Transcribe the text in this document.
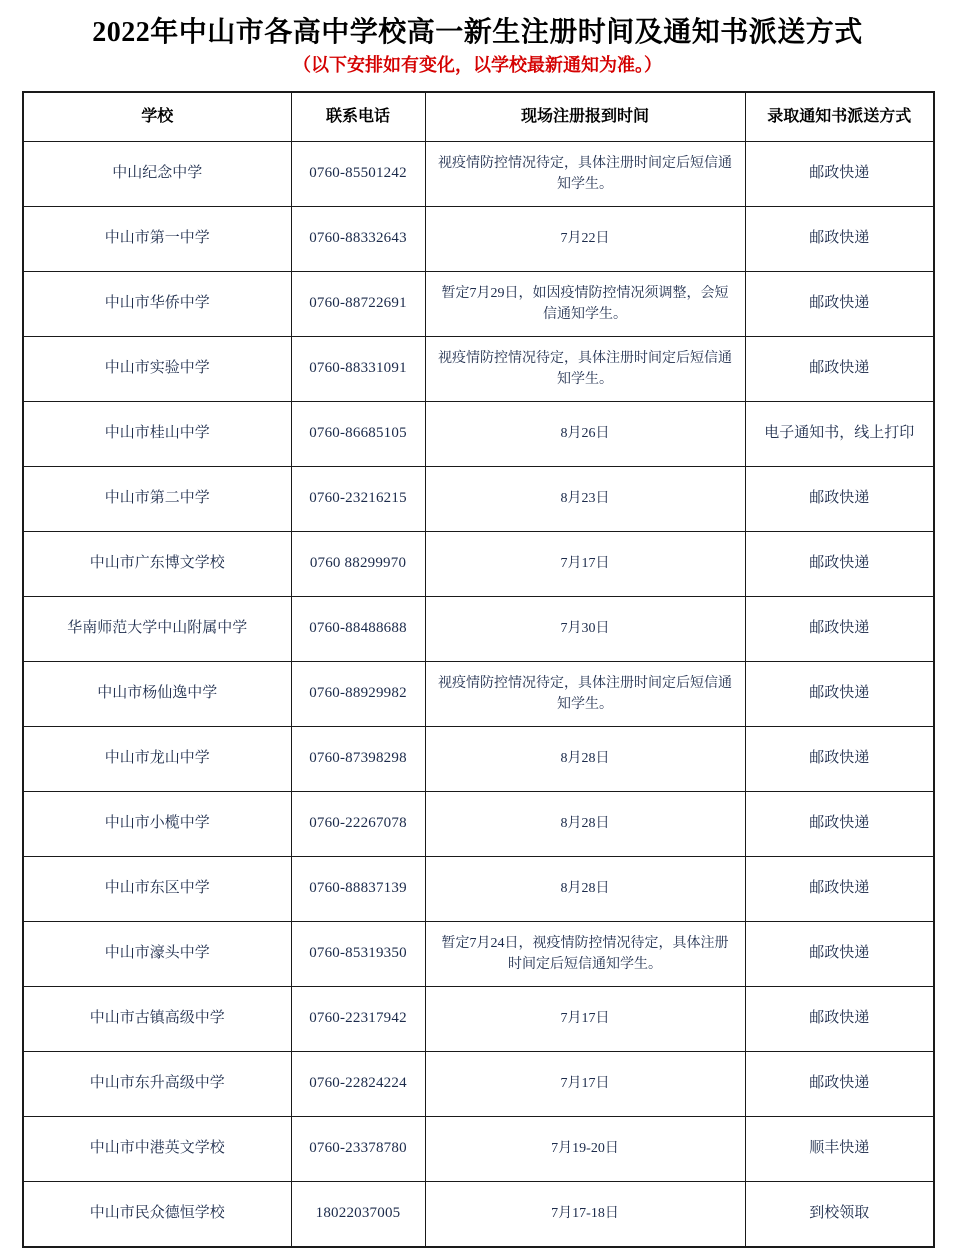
2022年中山市各高中学校高一新生注册时间及通知书派送方式
（以下安排如有变化，以学校最新通知为准。）
学校	联系电话	现场注册报到时间	录取通知书派送方式
中山纪念中学	0760-85501242	视疫情防控情况待定，具体注册时间定后短信通知学生。	邮政快递
中山市第一中学	0760-88332643	7月22日	邮政快递
中山市华侨中学	0760-88722691	暂定7月29日，如因疫情防控情况须调整，会短信通知学生。	邮政快递
中山市实验中学	0760-88331091	视疫情防控情况待定，具体注册时间定后短信通知学生。	邮政快递
中山市桂山中学	0760-86685105	8月26日	电子通知书，线上打印
中山市第二中学	0760-23216215	8月23日	邮政快递
中山市广东博文学校	0760 88299970	7月17日	邮政快递
华南师范大学中山附属中学	0760-88488688	7月30日	邮政快递
中山市杨仙逸中学	0760-88929982	视疫情防控情况待定，具体注册时间定后短信通知学生。	邮政快递
中山市龙山中学	0760-87398298	8月28日	邮政快递
中山市小榄中学	0760-22267078	8月28日	邮政快递
中山市东区中学	0760-88837139	8月28日	邮政快递
中山市濠头中学	0760-85319350	暂定7月24日，视疫情防控情况待定，具体注册时间定后短信通知学生。	邮政快递
中山市古镇高级中学	0760-22317942	7月17日	邮政快递
中山市东升高级中学	0760-22824224	7月17日	邮政快递
中山市中港英文学校	0760-23378780	7月19-20日	顺丰快递
中山市民众德恒学校	18022037005	7月17-18日	到校领取
